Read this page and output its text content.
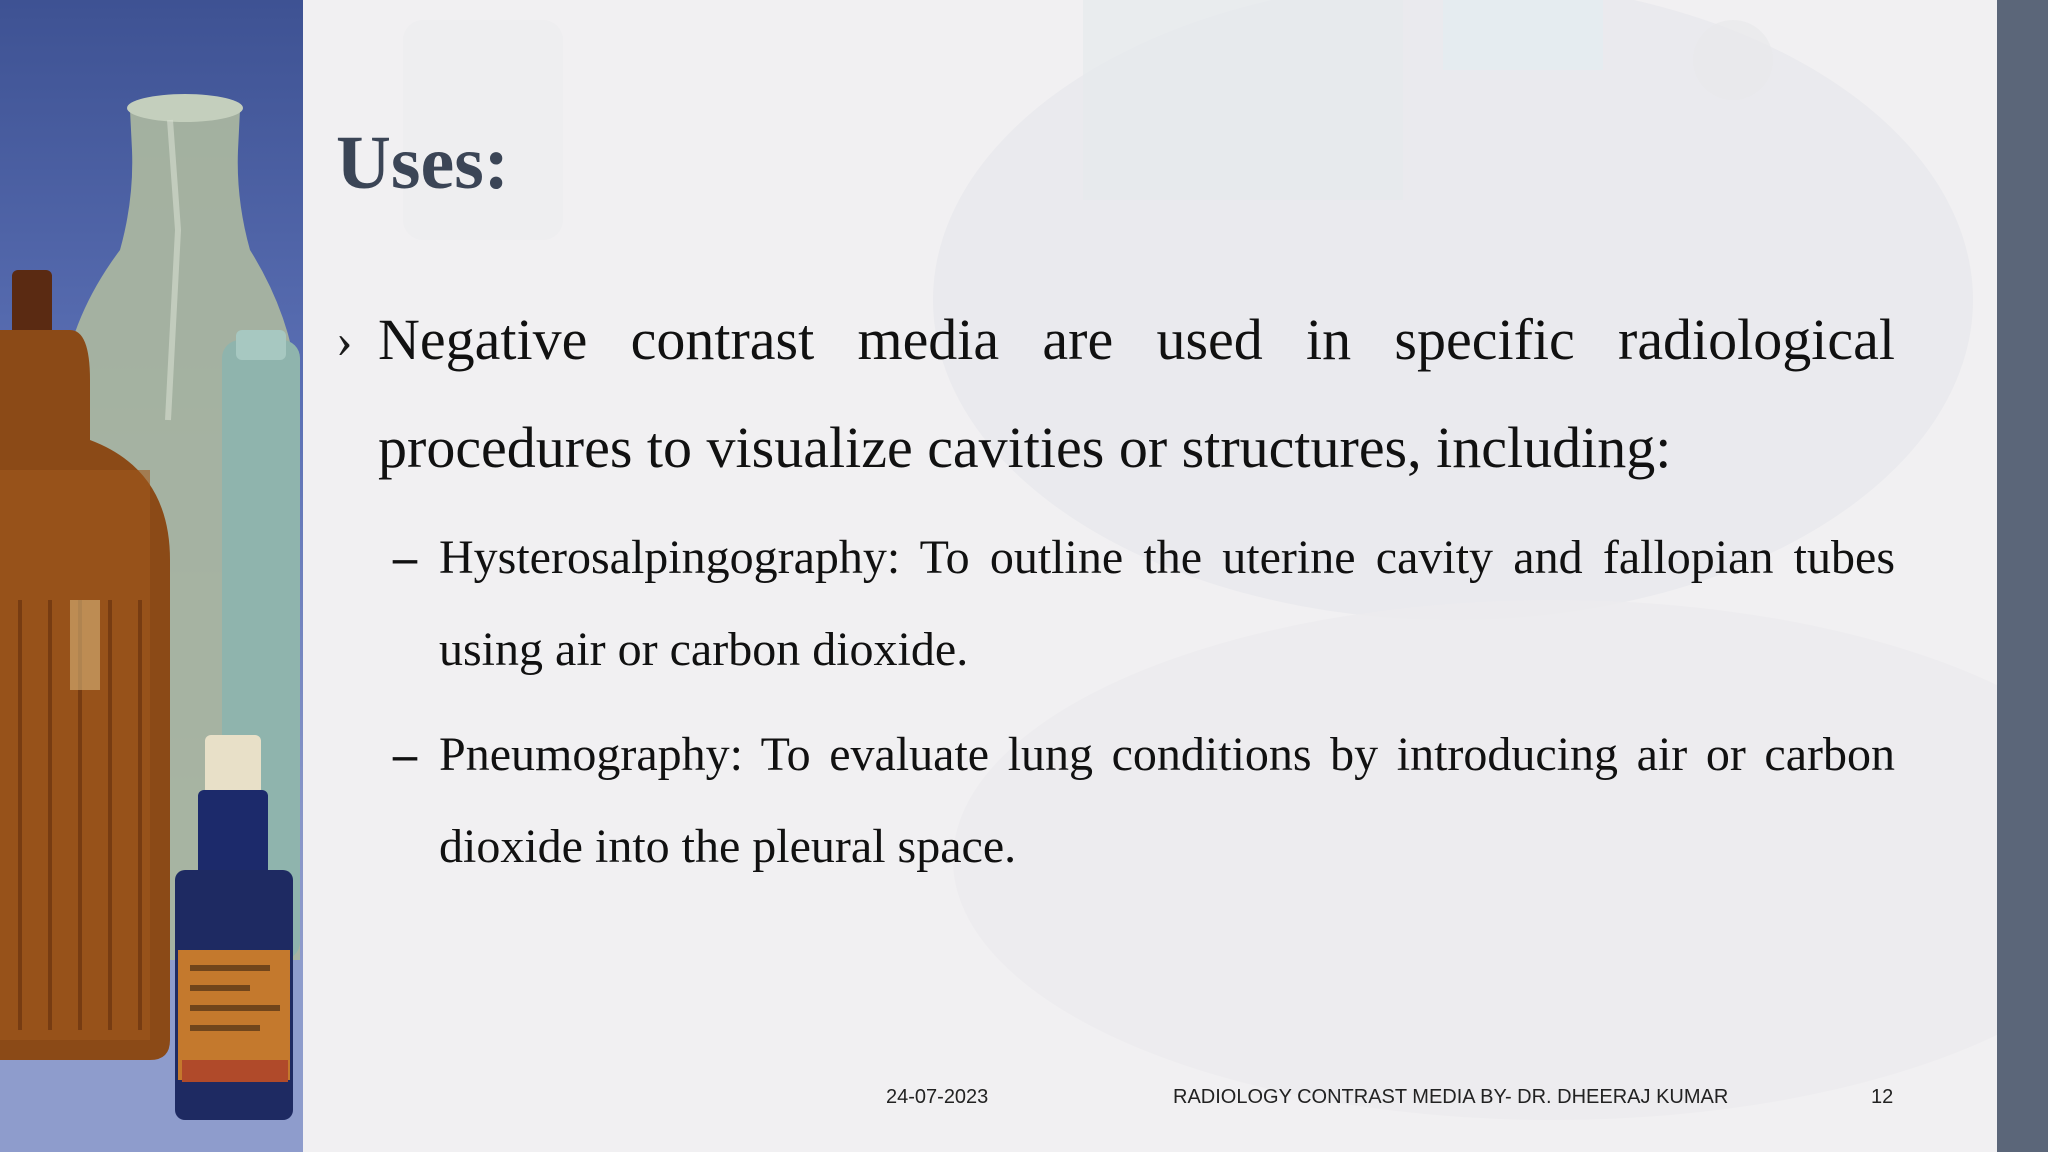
Uses:
› Negative contrast media are used in specific radiological procedures to visualize cavities or structures, including:
– Hysterosalpingography: To outline the uterine cavity and fallopian tubes using air or carbon dioxide.
– Pneumography: To evaluate lung conditions by introducing air or carbon dioxide into the pleural space.
24-07-2023	RADIOLOGY CONTRAST MEDIA BY- DR. DHEERAJ KUMAR	12
